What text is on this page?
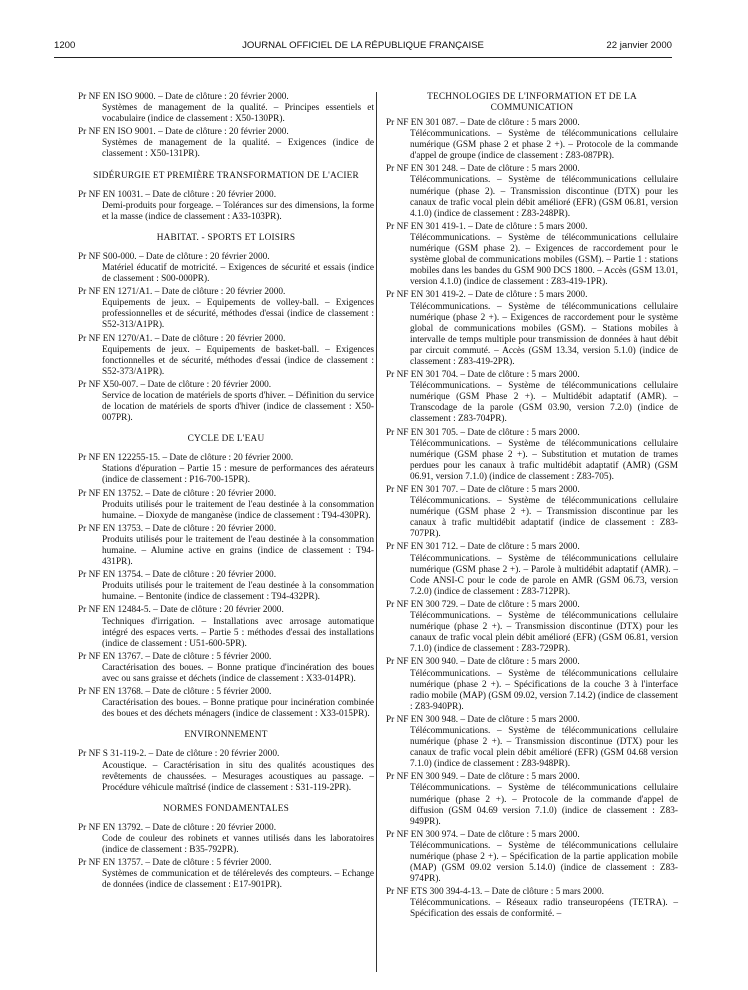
1200	JOURNAL OFFICIEL DE LA RÉPUBLIQUE FRANÇAISE	22 janvier 2000

Pr NF EN ISO 9000. – Date de clôture : 20 février 2000.

Systèmes de management de la qualité. – Principes essentiels et vocabulaire (indice de classement : X50-130PR).

Pr NF EN ISO 9001. – Date de clôture : 20 février 2000.

Systèmes de management de la qualité. – Exigences (indice de classement : X50-131PR).

SIDÉRURGIE ET PREMIÈRE TRANSFORMATION DE L'ACIER

Pr NF EN 10031. – Date de clôture : 20 février 2000.

Demi-produits pour forgeage. – Tolérances sur des dimensions, la forme et la masse (indice de classement : A33-103PR).

HABITAT. - SPORTS ET LOISIRS

Pr NF S00-000. – Date de clôture : 20 février 2000.

Matériel éducatif de motricité. – Exigences de sécurité et essais (indice de classement : S00-000PR).

Pr NF EN 1271/A1. – Date de clôture : 20 février 2000.

Equipements de jeux. – Equipements de volley-ball. – Exigences professionnelles et de sécurité, méthodes d'essai (indice de classement : S52-313/A1PR).

Pr NF EN 1270/A1. – Date de clôture : 20 février 2000.

Equipements de jeux. – Equipements de basket-ball. – Exigences fonctionnelles et de sécurité, méthodes d'essai (indice de classement : S52-373/A1PR).

Pr NF X50-007. – Date de clôture : 20 février 2000.

Service de location de matériels de sports d'hiver. – Définition du service de location de matériels de sports d'hiver (indice de classement : X50-007PR).

CYCLE DE L'EAU

Pr NF EN 122255-15. – Date de clôture : 20 février 2000.

Stations d'épuration – Partie 15 : mesure de performances des aérateurs (indice de classement : P16-700-15PR).

Pr NF EN 13752. – Date de clôture : 20 février 2000.

Produits utilisés pour le traitement de l'eau destinée à la consommation humaine. – Dioxyde de manganèse (indice de classement : T94-430PR).

Pr NF EN 13753. – Date de clôture : 20 février 2000.

Produits utilisés pour le traitement de l'eau destinée à la consommation humaine. – Alumine active en grains (indice de classement : T94-431PR).

Pr NF EN 13754. – Date de clôture : 20 février 2000.

Produits utilisés pour le traitement de l'eau destinée à la consommation humaine. – Bentonite (indice de classement : T94-432PR).

Pr NF EN 12484-5. – Date de clôture : 20 février 2000.

Techniques d'irrigation. – Installations avec arrosage automatique intégré des espaces verts. – Partie 5 : méthodes d'essai des installations (indice de classement : U51-600-5PR).

Pr NF EN 13767. – Date de clôture : 5 février 2000.

Caractérisation des boues. – Bonne pratique d'incinération des boues avec ou sans graisse et déchets (indice de classement : X33-014PR).

Pr NF EN 13768. – Date de clôture : 5 février 2000.

Caractérisation des boues. – Bonne pratique pour incinération combinée des boues et des déchets ménagers (indice de classement : X33-015PR).

ENVIRONNEMENT

Pr NF S 31-119-2. – Date de clôture : 20 février 2000.

Acoustique. – Caractérisation in situ des qualités acoustiques des revêtements de chaussées. – Mesurages acoustiques au passage. – Procédure véhicule maîtrisé (indice de classement : S31-119-2PR).

NORMES FONDAMENTALES

Pr NF EN 13792. – Date de clôture : 20 février 2000.

Code de couleur des robinets et vannes utilisés dans les laboratoires (indice de classement : B35-792PR).

Pr NF EN 13757. – Date de clôture : 5 février 2000.

Systèmes de communication et de télérelevés des compteurs. – Echange de données (indice de classement : E17-901PR).

TECHNOLOGIES DE L'INFORMATION ET DE LA COMMUNICATION

Pr NF EN 301 087. – Date de clôture : 5 mars 2000.

Télécommunications. – Système de télécommunications cellulaire numérique (GSM phase 2 et phase 2 +). – Protocole de la commande d'appel de groupe (indice de classement : Z83-087PR).

Pr NF EN 301 248. – Date de clôture : 5 mars 2000.

Télécommunications. – Système de télécommunications cellulaire numérique (phase 2). – Transmission discontinue (DTX) pour les canaux de trafic vocal plein débit amélioré (EFR) (GSM 06.81, version 4.1.0) (indice de classement : Z83-248PR).

Pr NF EN 301 419-1. – Date de clôture : 5 mars 2000.

Télécommunications. – Système de télécommunications cellulaire numérique (GSM phase 2). – Exigences de raccordement pour le système global de communications mobiles (GSM). – Partie 1 : stations mobiles dans les bandes du GSM 900 DCS 1800. – Accès (GSM 13.01, version 4.1.0) (indice de classement : Z83-419-1PR).

Pr NF EN 301 419-2. – Date de clôture : 5 mars 2000.

Télécommunications. – Système de télécommunications cellulaire numérique (phase 2 +). – Exigences de raccordement pour le système global de communications mobiles (GSM). – Stations mobiles à intervalle de temps multiple pour transmission de données à haut débit par circuit commuté. – Accès (GSM 13.34, version 5.1.0) (indice de classement : Z83-419-2PR).

Pr NF EN 301 704. – Date de clôture : 5 mars 2000.

Télécommunications. – Système de télécommunications cellulaire numérique (GSM Phase 2 +). – Multidébit adaptatif (AMR). – Transcodage de la parole (GSM 03.90, version 7.2.0) (indice de classement : Z83-704PR).

Pr NF EN 301 705. – Date de clôture : 5 mars 2000.

Télécommunications. – Système de télécommunications cellulaire numérique (GSM phase 2 +). – Substitution et mutation de trames perdues pour les canaux à trafic multidébit adaptatif (AMR) (GSM 06.91, version 7.1.0) (indice de classement : Z83-705).

Pr NF EN 301 707. – Date de clôture : 5 mars 2000.

Télécommunications. – Système de télécommunications cellulaire numérique (GSM phase 2 +). – Transmission discontinue par les canaux à trafic multidébit adaptatif (indice de classement : Z83-707PR).

Pr NF EN 301 712. – Date de clôture : 5 mars 2000.

Télécommunications. – Système de télécommunications cellulaire numérique (GSM phase 2 +). – Parole à multidébit adaptatif (AMR). – Code ANSI-C pour le code de parole en AMR (GSM 06.73, version 7.2.0) (indice de classement : Z83-712PR).

Pr NF EN 300 729. – Date de clôture : 5 mars 2000.

Télécommunications. – Système de télécommunications cellulaire numérique (phase 2 +). – Transmission discontinue (DTX) pour les canaux de trafic vocal plein débit amélioré (EFR) (GSM 06.81, version 7.1.0) (indice de classement : Z83-729PR).

Pr NF EN 300 940. – Date de clôture : 5 mars 2000.

Télécommunications. – Système de télécommunications cellulaire numérique (phase 2 +). – Spécifications de la couche 3 à l'interface radio mobile (MAP) (GSM 09.02, version 7.14.2) (indice de classement : Z83-940PR).

Pr NF EN 300 948. – Date de clôture : 5 mars 2000.

Télécommunications. – Système de télécommunications cellulaire numérique (phase 2 +). – Transmission discontinue (DTX) pour les canaux de trafic vocal plein débit amélioré (EFR) (GSM 04.68 version 7.1.0) (indice de classement : Z83-948PR).

Pr NF EN 300 949. – Date de clôture : 5 mars 2000.

Télécommunications. – Système de télécommunications cellulaire numérique (phase 2 +). – Protocole de la commande d'appel de diffusion (GSM 04.69 version 7.1.0) (indice de classement : Z83-949PR).

Pr NF EN 300 974. – Date de clôture : 5 mars 2000.

Télécommunications. – Système de télécommunications cellulaire numérique (phase 2 +). – Spécification de la partie application mobile (MAP) (GSM 09.02 version 5.14.0) (indice de classement : Z83-974PR).

Pr NF ETS 300 394-4-13. – Date de clôture : 5 mars 2000.

Télécommunications. – Réseaux radio transeuropéens (TETRA). – Spécification des essais de conformité. –
